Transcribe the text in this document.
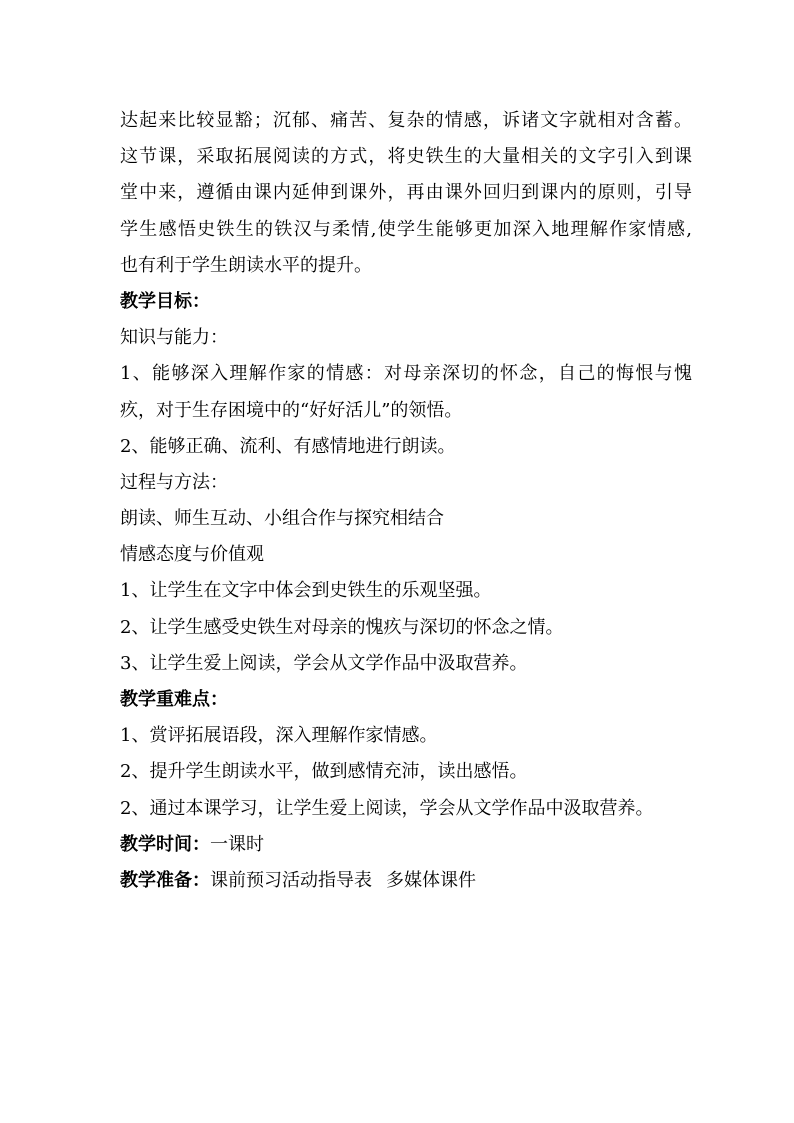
达起来比较显豁；沉郁、痛苦、复杂的情感，诉诸文字就相对含蓄。
这节课，采取拓展阅读的方式，将史铁生的大量相关的文字引入到课
堂中来，遵循由课内延伸到课外，再由课外回归到课内的原则，引导
学生感悟史铁生的铁汉与柔情,使学生能够更加深入地理解作家情感,
也有利于学生朗读水平的提升。
教学目标：
知识与能力：
1、能够深入理解作家的情感：对母亲深切的怀念，自己的悔恨与愧
疚，对于生存困境中的“好好活儿”的领悟。
2、能够正确、流利、有感情地进行朗读。
过程与方法：
朗读、师生互动、小组合作与探究相结合
情感态度与价值观
1、让学生在文字中体会到史铁生的乐观坚强。
2、让学生感受史铁生对母亲的愧疚与深切的怀念之情。
3、让学生爱上阅读，学会从文学作品中汲取营养。
教学重难点：
1、赏评拓展语段，深入理解作家情感。
2、提升学生朗读水平，做到感情充沛，读出感悟。
2、通过本课学习，让学生爱上阅读，学会从文学作品中汲取营养。
教学时间：一课时
教学准备：课前预习活动指导表 多媒体课件
